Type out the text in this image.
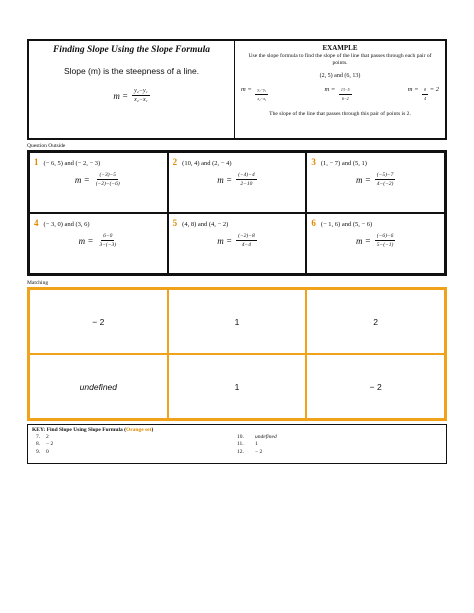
Finding Slope Using the Slope Formula
Slope (m) is the steepness of a line.
$m = \frac{\text{y₂−y₁}}{\text{x₂−x₁}}$
EXAMPLE
Use the slope formula to find the slope of the line that passes through each pair of points.
(2, 5) and (6, 13)
$m = \frac{\text{y₂−y₁}}{\text{x₂−x₁}}$	$m = \frac{13-5}{6-2}$	$m = \frac{8}{4} = 2$
The slope of the line that passes through this pair of points is 2.
Question Outside
1 (− 6, 5) and (− 2, − 3)
$m = \frac{(-3)-5}{(-2)-(-6)}$
2 (10, 4) and (2, − 4)
$m = \frac{(-4)-4}{2-10}$
3 (1, − 7) and (5, 1)
$m = \frac{(-5)-7}{4-(-2)}$
4 (− 3, 0) and (3, 6)
$m = \frac{6-0}{3-(-3)}$
5 (4, 8) and (4, − 2)
$m = \frac{(-2)-8}{4-4}$
6 (− 1, 6) and (5, − 6)
$m = \frac{(-6)-6}{5-(-1)}$
Matching
− 2	1	2
undefined	1	− 2
KEY: Find Slope Using Slope Formula (Orange set)
7.	2
8.	− 2
9.	0
10.	undefined
11.	1
12.	− 2
